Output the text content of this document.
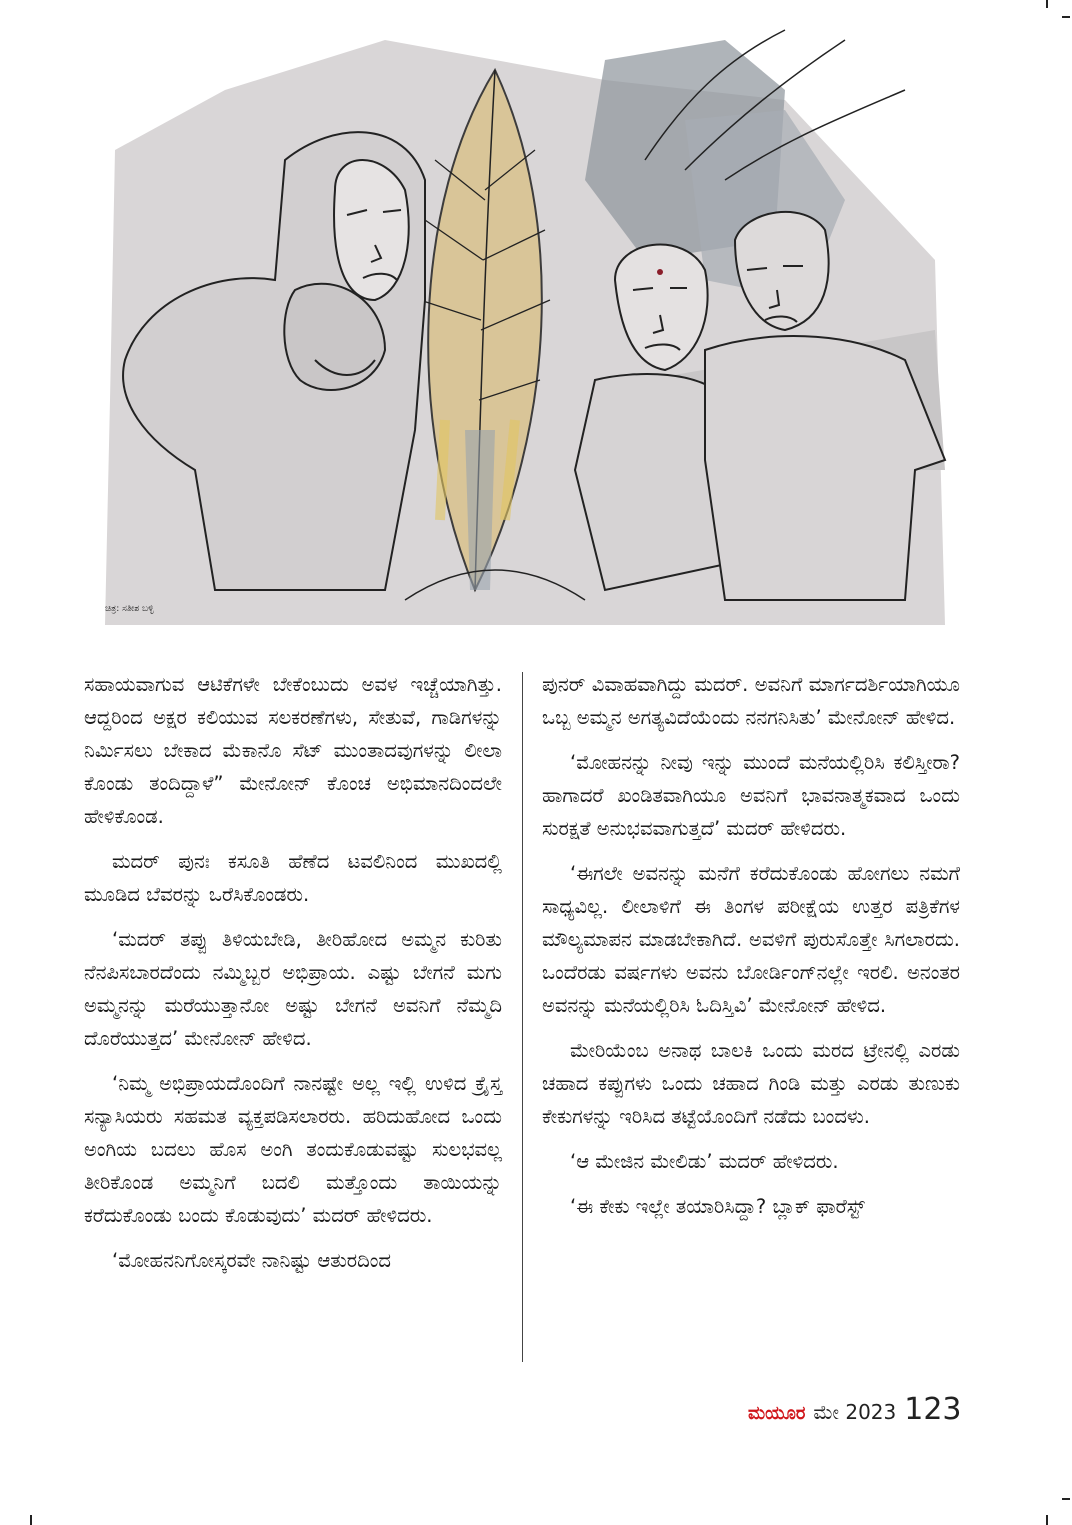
ಚಿತ್ರ: ಸತೀಶ ಬಳ್ಳಿ

ಸಹಾಯವಾಗುವ ಆಟಿಕೆಗಳೇ ಬೇಕೆಂಬುದು ಅವಳ ಇಚ್ಚೆಯಾಗಿತ್ತು. ಆದ್ದರಿಂದ ಅಕ್ಷರ ಕಲಿಯುವ ಸಲಕರಣೆಗಳು, ಸೇತುವೆ, ಗಾಡಿಗಳನ್ನು ನಿರ್ಮಿಸಲು ಬೇಕಾದ ಮೆಕಾನೊ ಸೆಟ್ ಮುಂತಾದವುಗಳನ್ನು ಲೀಲಾ ಕೊಂಡು ತಂದಿದ್ದಾಳೆ” ಮೇನೋನ್ ಕೊಂಚ ಅಭಿಮಾನದಿಂದಲೇ ಹೇಳಿಕೊಂಡ.

ಮದರ್ ಪುನಃ ಕಸೂತಿ ಹೆಣೆದ ಟವಲಿನಿಂದ ಮುಖದಲ್ಲಿ ಮೂಡಿದ ಬೆವರನ್ನು ಒರೆಸಿಕೊಂಡರು.

‘ಮದರ್ ತಪ್ಪು ತಿಳಿಯಬೇಡಿ, ತೀರಿಹೋದ ಅಮ್ಮನ ಕುರಿತು ನೆನಪಿಸಬಾರದೆಂದು ನಮ್ಮಿಬ್ಬರ ಅಭಿಪ್ರಾಯ. ಎಷ್ಟು ಬೇಗನೆ ಮಗು ಅಮ್ಮನನ್ನು ಮರೆಯುತ್ತಾನೋ ಅಷ್ಟು ಬೇಗನೆ ಅವನಿಗೆ ನೆಮ್ಮದಿ ದೊರೆಯುತ್ತದ’ ಮೇನೋನ್ ಹೇಳಿದ.

‘ನಿಮ್ಮ ಅಭಿಪ್ರಾಯದೊಂದಿಗೆ ನಾನಷ್ಟೇ ಅಲ್ಲ ಇಲ್ಲಿ ಉಳಿದ ಕ್ರೈಸ್ತ ಸನ್ಯಾಸಿಯರು ಸಹಮತ ವ್ಯಕ್ತಪಡಿಸಲಾರರು. ಹರಿದುಹೋದ ಒಂದು ಅಂಗಿಯ ಬದಲು ಹೊಸ ಅಂಗಿ ತಂದುಕೊಡುವಷ್ಟು ಸುಲಭವಲ್ಲ ತೀರಿಕೊಂಡ ಅಮ್ಮನಿಗೆ ಬದಲಿ ಮತ್ತೊಂದು ತಾಯಿಯನ್ನು ಕರೆದುಕೊಂಡು ಬಂದು ಕೊಡುವುದು’ ಮದರ್ ಹೇಳಿದರು.

‘ಮೋಹನನಿಗೋಸ್ಕರವೇ ನಾನಿಷ್ಟು ಆತುರದಿಂದ

ಪುನರ್ ವಿವಾಹವಾಗಿದ್ದು ಮದರ್. ಅವನಿಗೆ ಮಾರ್ಗದರ್ಶಿಯಾಗಿಯೂ ಒಬ್ಬ ಅಮ್ಮನ ಅಗತ್ಯವಿದೆಯೆಂದು ನನಗನಿಸಿತು’ ಮೇನೋನ್ ಹೇಳಿದ.

‘ಮೋಹನನ್ನು ನೀವು ಇನ್ನು ಮುಂದೆ ಮನೆಯಲ್ಲಿರಿಸಿ ಕಲಿಸ್ತೀರಾ? ಹಾಗಾದರೆ ಖಂಡಿತವಾಗಿಯೂ ಅವನಿಗೆ ಭಾವನಾತ್ಮಕವಾದ ಒಂದು ಸುರಕ್ಷತೆ ಅನುಭವವಾಗುತ್ತದೆ’ ಮದರ್ ಹೇಳಿದರು.

‘ಈಗಲೇ ಅವನನ್ನು ಮನೆಗೆ ಕರೆದುಕೊಂಡು ಹೋಗಲು ನಮಗೆ ಸಾಧ್ಯವಿಲ್ಲ. ಲೀಲಾಳಿಗೆ ಈ ತಿಂಗಳ ಪರೀಕ್ಷೆಯ ಉತ್ತರ ಪತ್ರಿಕೆಗಳ ಮೌಲ್ಯಮಾಪನ ಮಾಡಬೇಕಾಗಿದೆ. ಅವಳಿಗೆ ಪುರುಸೊತ್ತೇ ಸಿಗಲಾರದು. ಒಂದೆರಡು ವರ್ಷಗಳು ಅವನು ಬೋರ್ಡಿಂಗ್‌ನಲ್ಲೇ ಇರಲಿ. ಅನಂತರ ಅವನನ್ನು ಮನೆಯಲ್ಲಿರಿಸಿ ಓದಿಸ್ತಿವಿ’ ಮೇನೋನ್ ಹೇಳಿದ.

ಮೇರಿಯೆಂಬ ಅನಾಥ ಬಾಲಕಿ ಒಂದು ಮರದ ಟ್ರೇನಲ್ಲಿ ಎರಡು ಚಹಾದ ಕಪ್ಪುಗಳು ಒಂದು ಚಹಾದ ಗಿಂಡಿ ಮತ್ತು ಎರಡು ತುಣುಕು ಕೇಕುಗಳನ್ನು ಇರಿಸಿದ ತಟ್ಟೆಯೊಂದಿಗೆ ನಡೆದು ಬಂದಳು.

‘ಆ ಮೇಜಿನ ಮೇಲಿಡು’ ಮದರ್ ಹೇಳಿದರು.

‘ಈ ಕೇಕು ಇಲ್ಲೇ ತಯಾರಿಸಿದ್ದಾ? ಬ್ಲಾಕ್ ಫಾರೆಸ್ಟ್

ಮಯೂರ ಮೇ 2023 123
